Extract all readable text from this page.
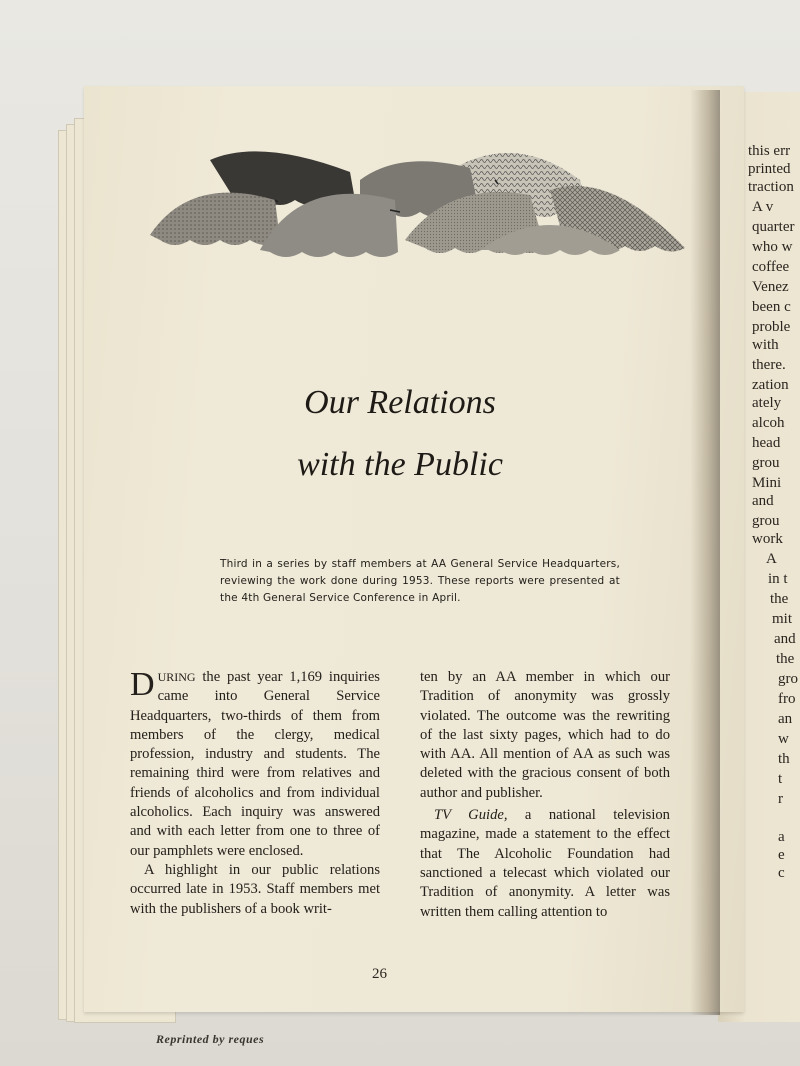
this err
printed
traction
A v
quarter
who w
coffee
Venez
been c
proble
with
there.
zation
ately
alcoh
head
grou
Mini
and
grou
work
A
in t
the
mit
and
the
gro
fro
an
w
th
t
r
a
e
c
Our Relations
with the Public

Third in a series by staff members at AA General Service Headquarters, reviewing the work done during 1953. These reports were presented at the 4th General Service Conference in April.

DURING the past year 1,169 inquiries came into General Service Headquarters, two-thirds of them from members of the clergy, medical profession, industry and students. The remaining third were from relatives and friends of alcoholics and from individual alcoholics. Each inquiry was answered and with each letter from one to three of our pamphlets were enclosed.

A highlight in our public relations occurred late in 1953. Staff members met with the publishers of a book writ-

ten by an AA member in which our Tradition of anonymity was grossly violated. The outcome was the rewriting of the last sixty pages, which had to do with AA. All mention of AA as such was deleted with the gracious consent of both author and publisher.

TV Guide, a national television magazine, made a statement to the effect that The Alcoholic Foundation had sanctioned a telecast which violated our Tradition of anonymity. A letter was written them calling attention to

26
Reprinted by reques
